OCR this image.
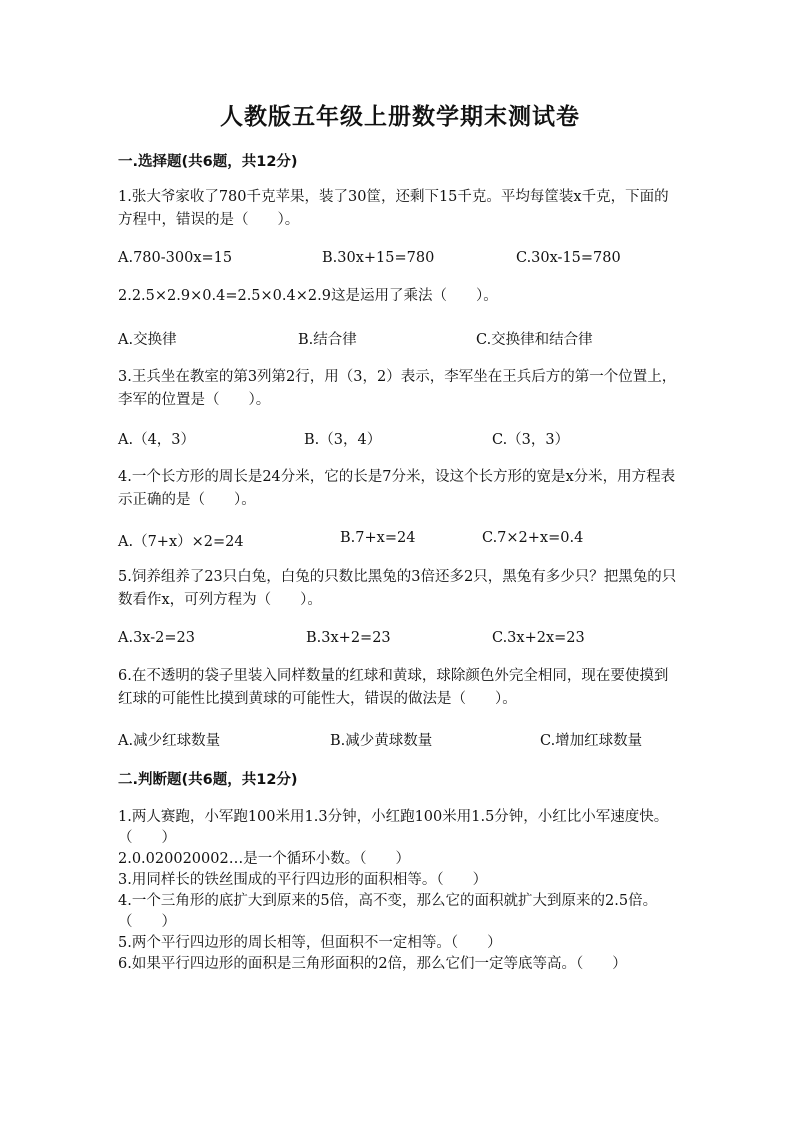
人教版五年级上册数学期末测试卷
一.选择题(共6题，共12分)
1.张大爷家收了780千克苹果，装了30筐，还剩下15千克。平均每筐装x千克，下面的方程中，错误的是（　　）。
A.780-300x=15	B.30x+15=780	C.30x-15=780
2.2.5×2.9×0.4=2.5×0.4×2.9这是运用了乘法（　　）。
A.交换律	B.结合律	C.交换律和结合律
3.王兵坐在教室的第3列第2行，用（3，2）表示，李军坐在王兵后方的第一个位置上，李军的位置是（　　）。
A.（4，3）	B.（3，4）	C.（3，3）
4.一个长方形的周长是24分米，它的长是7分米，设这个长方形的宽是x分米，用方程表示正确的是（　　）。
A.（7+x）×2=24	B.7+x=24	C.7×2+x=0.4
5.饲养组养了23只白兔，白兔的只数比黑兔的3倍还多2只，黑兔有多少只？把黑兔的只数看作x，可列方程为（　　）。
A.3x-2=23	B.3x+2=23	C.3x+2x=23
6.在不透明的袋子里装入同样数量的红球和黄球，球除颜色外完全相同，现在要使摸到红球的可能性比摸到黄球的可能性大，错误的做法是（　　）。
A.减少红球数量	B.减少黄球数量	C.增加红球数量
二.判断题(共6题，共12分)
1.两人赛跑，小军跑100米用1.3分钟，小红跑100米用1.5分钟，小红比小军速度快。（　　）
2.0.020020002…是一个循环小数。（　　）
3.用同样长的铁丝围成的平行四边形的面积相等。（　　）
4.一个三角形的底扩大到原来的5倍，高不变，那么它的面积就扩大到原来的2.5倍。（　　）
5.两个平行四边形的周长相等，但面积不一定相等。（　　）
6.如果平行四边形的面积是三角形面积的2倍，那么它们一定等底等高。（　　）
